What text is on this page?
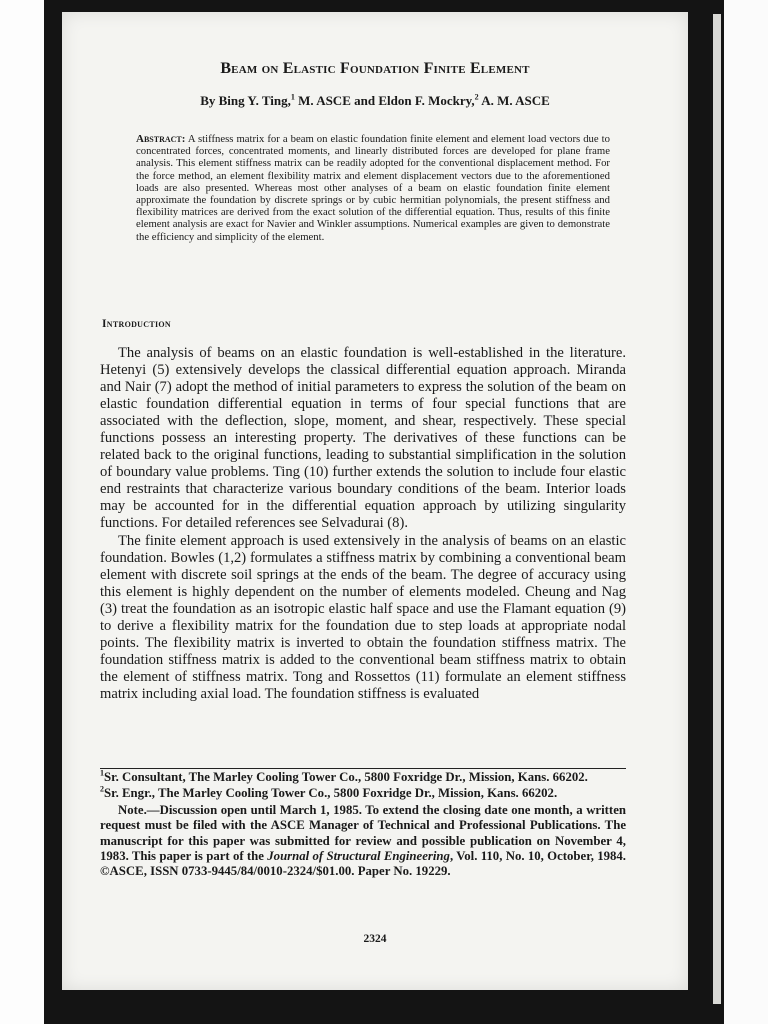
Beam on Elastic Foundation Finite Element
By Bing Y. Ting,$^1$ M. ASCE and Eldon F. Mockry,$^2$ A. M. ASCE
Abstract: A stiffness matrix for a beam on elastic foundation finite element and element load vectors due to concentrated forces, concentrated moments, and linearly distributed forces are developed for plane frame analysis. This element stiffness matrix can be readily adopted for the conventional displacement method. For the force method, an element flexibility matrix and element displacement vectors due to the aforementioned loads are also presented. Whereas most other analyses of a beam on elastic foundation finite element approximate the foundation by discrete springs or by cubic hermitian polynomials, the present stiffness and flexibility matrices are derived from the exact solution of the differential equation. Thus, results of this finite element analysis are exact for Navier and Winkler assumptions. Numerical examples are given to demonstrate the efficiency and simplicity of the element.
Introduction

The analysis of beams on an elastic foundation is well-established in the literature. Hetenyi (5) extensively develops the classical differential equation approach. Miranda and Nair (7) adopt the method of initial parameters to express the solution of the beam on elastic foundation differential equation in terms of four special functions that are associated with the deflection, slope, moment, and shear, respectively. These special functions possess an interesting property. The derivatives of these functions can be related back to the original functions, leading to substantial simplification in the solution of boundary value problems. Ting (10) further extends the solution to include four elastic end restraints that characterize various boundary conditions of the beam. Interior loads may be accounted for in the differential equation approach by utilizing singularity functions. For detailed references see Selvadurai (8).

The finite element approach is used extensively in the analysis of beams on an elastic foundation. Bowles (1,2) formulates a stiffness matrix by combining a conventional beam element with discrete soil springs at the ends of the beam. The degree of accuracy using this element is highly dependent on the number of elements modeled. Cheung and Nag (3) treat the foundation as an isotropic elastic half space and use the Flamant equation (9) to derive a flexibility matrix for the foundation due to step loads at appropriate nodal points. The flexibility matrix is inverted to obtain the foundation stiffness matrix. The foundation stiffness matrix is added to the conventional beam stiffness matrix to obtain the element of stiffness matrix. Tong and Rossettos (11) formulate an element stiffness matrix including axial load. The foundation stiffness is evaluated

$^1$Sr. Consultant, The Marley Cooling Tower Co., 5800 Foxridge Dr., Mission, Kans. 66202.

$^2$Sr. Engr., The Marley Cooling Tower Co., 5800 Foxridge Dr., Mission, Kans. 66202.

Note.—Discussion open until March 1, 1985. To extend the closing date one month, a written request must be filed with the ASCE Manager of Technical and Professional Publications. The manuscript for this paper was submitted for review and possible publication on November 4, 1983. This paper is part of the Journal of Structural Engineering, Vol. 110, No. 10, October, 1984. ©ASCE, ISSN 0733-9445/84/0010-2324/$01.00. Paper No. 19229.

2324
